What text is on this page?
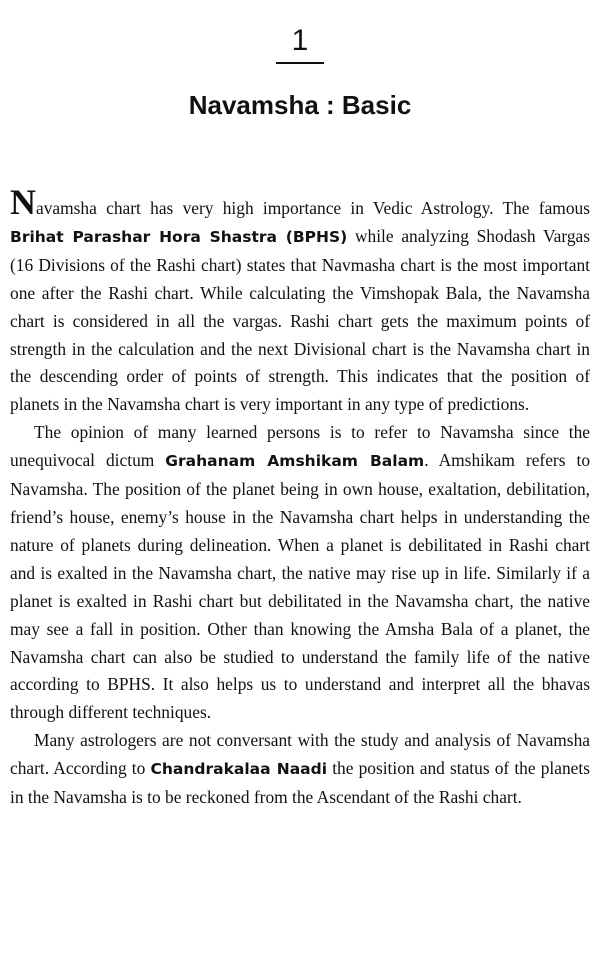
1
Navamsha : Basic

Navamsha chart has very high importance in Vedic Astrology. The famous Brihat Parashar Hora Shastra (BPHS) while analyzing Shodash Vargas (16 Divisions of the Rashi chart) states that Navmasha chart is the most important one after the Rashi chart. While calculating the Vimshopak Bala, the Navamsha chart is considered in all the vargas. Rashi chart gets the maximum points of strength in the calculation and the next Divisional chart is the Navamsha chart in the descending order of points of strength. This indicates that the position of planets in the Navamsha chart is very important in any type of predictions.

The opinion of many learned persons is to refer to Navamsha since the unequivocal dictum Grahanam Amshikam Balam. Amshikam refers to Navamsha. The position of the planet being in own house, exaltation, debilitation, friend’s house, enemy’s house in the Navamsha chart helps in understanding the nature of planets during delineation. When a planet is debilitated in Rashi chart and is exalted in the Navamsha chart, the native may rise up in life. Similarly if a planet is exalted in Rashi chart but debilitated in the Navamsha chart, the native may see a fall in position. Other than knowing the Amsha Bala of a planet, the Navamsha chart can also be studied to understand the family life of the native according to BPHS. It also helps us to understand and interpret all the bhavas through different techniques.

Many astrologers are not conversant with the study and analysis of Navamsha chart. According to Chandrakalaa Naadi the position and status of the planets in the Navamsha is to be reckoned from the Ascendant of the Rashi chart.
